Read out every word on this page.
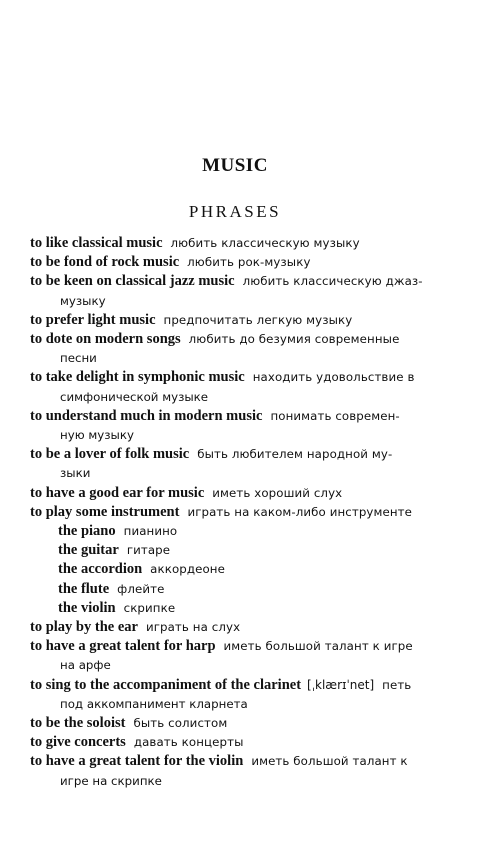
MUSIC
PHRASES

to like classical music любить классическую музыку

to be fond of rock music любить рок-музыку

to be keen on classical jazz music любить классическую джаз-
музыку

to prefer light music предпочитать легкую музыку

to dote on modern songs любить до безумия современные
песни

to take delight in symphonic music находить удовольствие в
симфонической музыке

to understand much in modern music понимать современ-
ную музыку

to be a lover of folk music быть любителем народной му-
зыки

to have a good ear for music иметь хороший слух

to play some instrument играть на каком-либо инструменте

the piano пианино

the guitar гитаре

the accordion аккордеоне

the flute флейте

the violin скрипке

to play by the ear играть на слух

to have a great talent for harp иметь большой талант к игре
на арфе

to sing to the accompaniment of the clarinet [ˌklærɪˈnet] петь
под аккомпанимент кларнета

to be the soloist быть солистом

to give concerts давать концерты

to have a great talent for the violin иметь большой талант к
игре на скрипке
